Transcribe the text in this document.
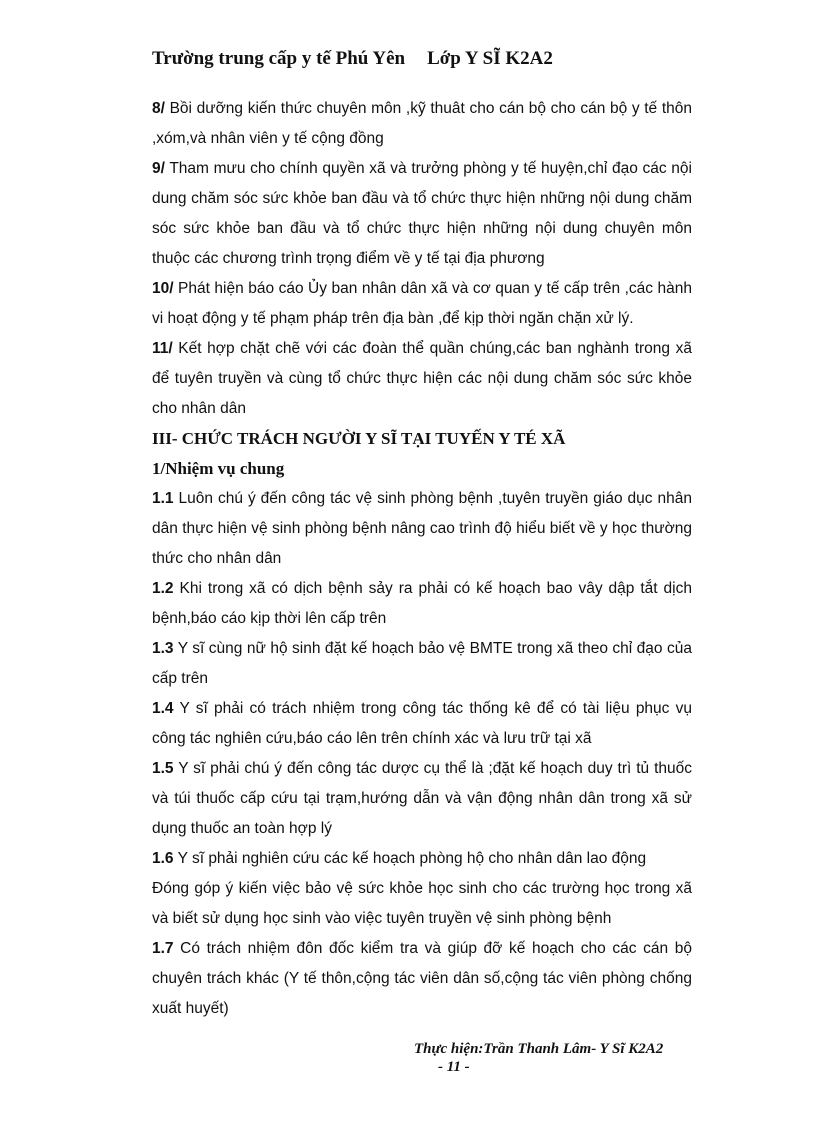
Trường trung cấp y tế Phú Yên Lớp Y SĨ K2A2

8/ Bồi dưỡng kiến thức chuyên môn ,kỹ thuât cho cán bộ cho cán bộ y tế thôn ,xóm,và nhân viên y tế cộng đồng

9/ Tham mưu cho chính quyền xã và trưởng phòng y tế huyện,chỉ đạo các nội dung chăm sóc sức khỏe ban đầu và tổ chức thực hiện những nội dung chăm sóc sức khỏe ban đầu và tổ chức thực hiện những nội dung chuyên môn thuộc các chương trình trọng điểm về y tế tại địa phương

10/ Phát hiện báo cáo Ủy ban nhân dân xã và cơ quan y tế cấp trên ,các hành vi hoạt động y tế phạm pháp trên địa bàn ,để kịp thời ngăn chặn xử lý.

11/ Kết hợp chặt chẽ với các đoàn thể quần chúng,các ban nghành trong xã để tuyên truyền và cùng tổ chức thực hiện các nội dung chăm sóc sức khỏe cho nhân dân

III- CHỨC TRÁCH NGƯỜI Y SĨ TẠI TUYẾN Y TÉ XÃ

1/Nhiệm vụ chung

1.1 Luôn chú ý đến công tác vệ sinh phòng bệnh ,tuyên truyền giáo dục nhân dân thực hiện vệ sinh phòng bệnh nâng cao trình độ hiểu biết về y học thường thức cho nhân dân

1.2 Khi trong xã có dịch bệnh sảy ra phải có kế hoạch bao vây dập tắt dịch bệnh,báo cáo kịp thời lên cấp trên

1.3 Y sĩ cùng nữ hộ sinh đặt kế hoạch bảo vệ BMTE trong xã theo chỉ đạo của cấp trên

1.4 Y sĩ phải có trách nhiệm trong công tác thống kê để có tài liệu phục vụ công tác nghiên cứu,báo cáo lên trên chính xác và lưu trữ tại xã

1.5 Y sĩ phải chú ý đến công tác dược cụ thể là ;đặt kế hoạch duy trì tủ thuốc và túi thuốc cấp cứu tại trạm,hướng dẫn và vận động nhân dân trong xã sử dụng thuốc an toàn hợp lý

1.6 Y sĩ phải nghiên cứu các kế hoạch phòng hộ cho nhân dân lao động

Đóng góp ý kiến việc bảo vệ sức khỏe học sinh cho các trường học trong xã và biết sử dụng học sinh vào việc tuyên truyền vệ sinh phòng bệnh

1.7 Có trách nhiệm đôn đốc kiểm tra và giúp đỡ kế hoạch cho các cán bộ chuyên trách khác (Y tế thôn,cộng tác viên dân số,cộng tác viên phòng chống xuất huyết)

Thực hiện:Trần Thanh Lâm- Y Sĩ K2A2
- 11 -
